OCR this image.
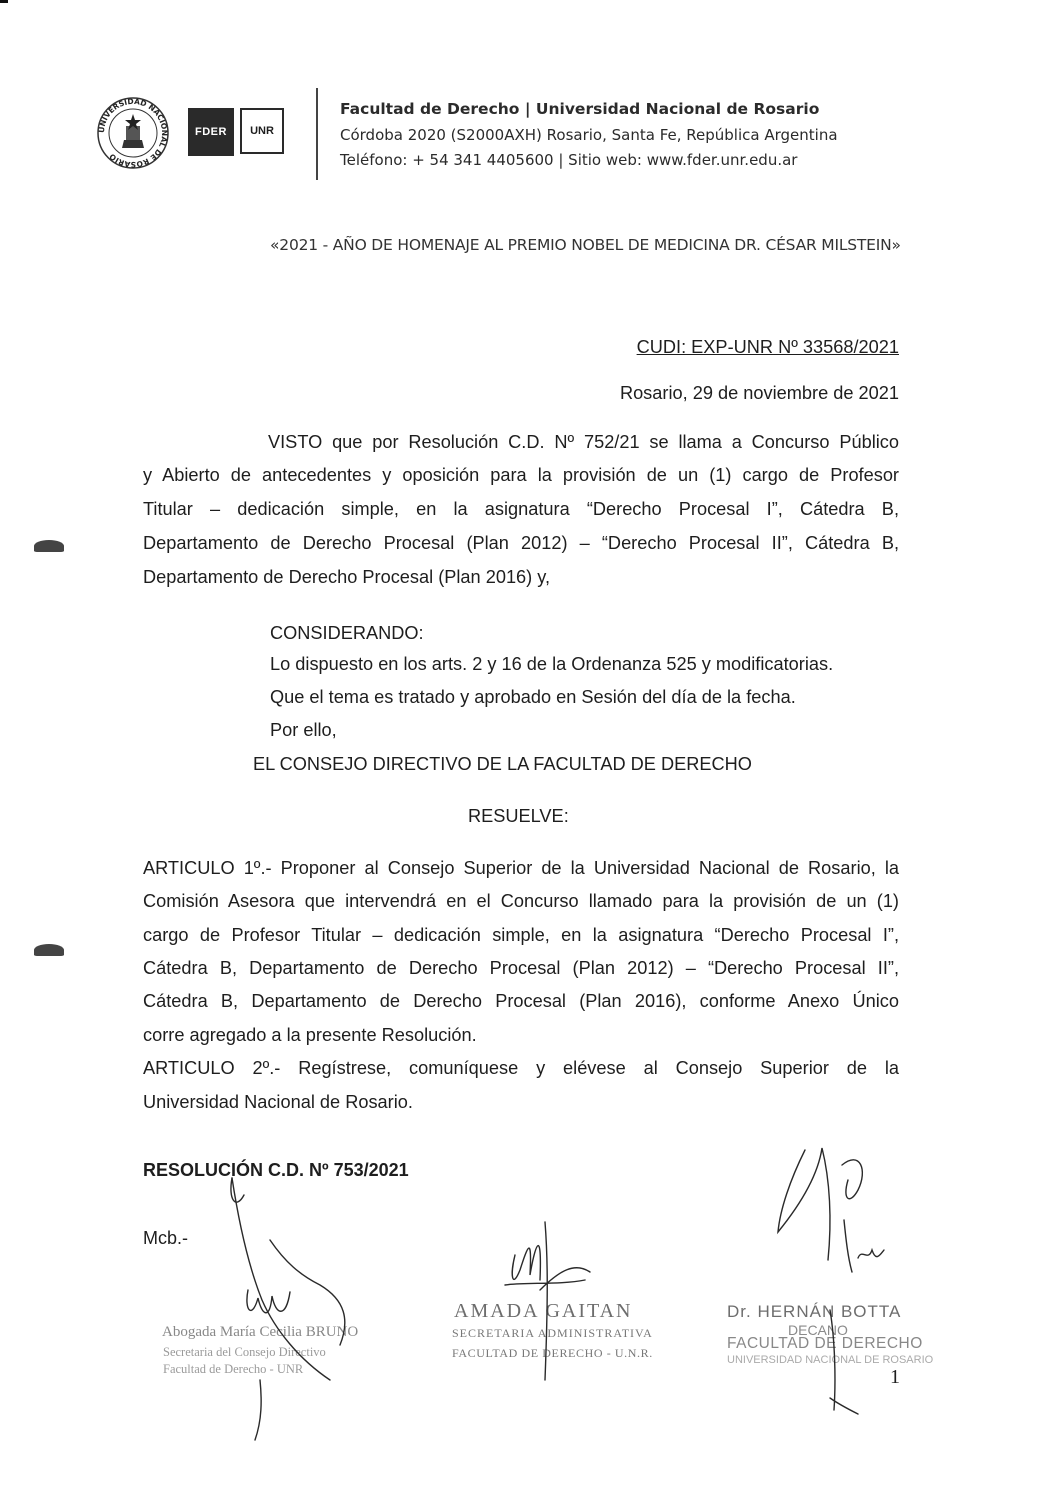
UNIVERSIDAD NACIONAL DE ROSARIO
FDER	UNR
Facultad de Derecho | Universidad Nacional de Rosario
Córdoba 2020 (S2000AXH) Rosario, Santa Fe, República Argentina
Teléfono: + 54 341 4405600 | Sitio web: www.fder.unr.edu.ar
«2021 - AÑO DE HOMENAJE AL PREMIO NOBEL DE MEDICINA DR. CÉSAR MILSTEIN»
CUDI: EXP-UNR Nº 33568/2021
Rosario, 29 de noviembre de 2021
VISTO que por Resolución C.D. Nº 752/21 se llama a Concurso Público
y Abierto de antecedentes y oposición para la provisión de un (1) cargo de Profesor
Titular – dedicación simple, en la asignatura “Derecho Procesal I”, Cátedra B,
Departamento de Derecho Procesal (Plan 2012) – “Derecho Procesal II”, Cátedra B,
Departamento de Derecho Procesal (Plan 2016) y,
CONSIDERANDO:
Lo dispuesto en los arts. 2 y 16 de la Ordenanza 525 y modificatorias.
Que el tema es tratado y aprobado en Sesión del día de la fecha.
Por ello,
EL CONSEJO DIRECTIVO DE LA FACULTAD DE DERECHO
RESUELVE:
ARTICULO 1º.- Proponer al Consejo Superior de la Universidad Nacional de Rosario, la
Comisión Asesora que intervendrá en el Concurso llamado para la provisión de un (1)
cargo de Profesor Titular – dedicación simple, en la asignatura “Derecho Procesal I”,
Cátedra B, Departamento de Derecho Procesal (Plan 2012) – “Derecho Procesal II”,
Cátedra B, Departamento de Derecho Procesal (Plan 2016), conforme Anexo Único
corre agregado a la presente Resolución.
ARTICULO 2º.- Regístrese, comuníquese y elévese al Consejo Superior de la
Universidad Nacional de Rosario.
RESOLUCIÓN C.D. Nº 753/2021
Mcb.-
Abogada María Cecilia BRUNO
Secretaria del Consejo Directivo
Facultad de Derecho - UNR
AMADA GAITAN
SECRETARIA ADMINISTRATIVA
FACULTAD DE DERECHO - U.N.R.
Dr. HERNÁN BOTTA
DECANO
FACULTAD DE DERECHO
UNIVERSIDAD NACIONAL DE ROSARIO
1
